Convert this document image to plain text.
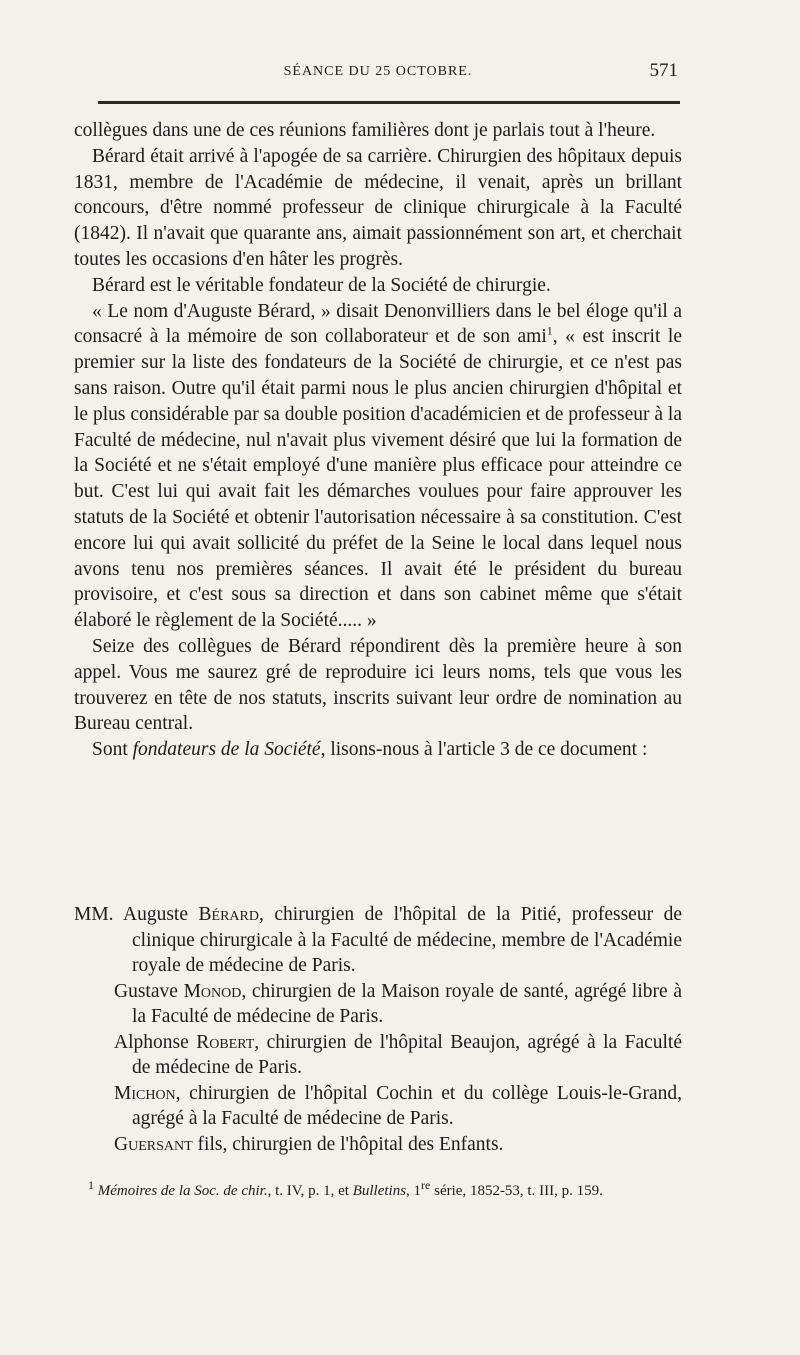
SÉANCE DU 25 OCTOBRE.	571

collègues dans une de ces réunions familières dont je parlais tout à l'heure.

Bérard était arrivé à l'apogée de sa carrière. Chirurgien des hôpitaux depuis 1831, membre de l'Académie de médecine, il venait, après un brillant concours, d'être nommé professeur de clinique chirurgicale à la Faculté (1842). Il n'avait que quarante ans, aimait passionnément son art, et cherchait toutes les occasions d'en hâter les progrès.

Bérard est le véritable fondateur de la Société de chirurgie.

« Le nom d'Auguste Bérard, » disait Denonvilliers dans le bel éloge qu'il a consacré à la mémoire de son collaborateur et de son ami$^1$, « est inscrit le premier sur la liste des fondateurs de la Société de chirurgie, et ce n'est pas sans raison. Outre qu'il était parmi nous le plus ancien chirurgien d'hôpital et le plus considérable par sa double position d'académicien et de professeur à la Faculté de médecine, nul n'avait plus vivement désiré que lui la formation de la Société et ne s'était employé d'une manière plus efficace pour atteindre ce but. C'est lui qui avait fait les démarches voulues pour faire approuver les statuts de la Société et obtenir l'autorisation nécessaire à sa constitution. C'est encore lui qui avait sollicité du préfet de la Seine le local dans lequel nous avons tenu nos premières séances. Il avait été le président du bureau provisoire, et c'est sous sa direction et dans son cabinet même que s'était élaboré le règlement de la Société..... »

Seize des collègues de Bérard répondirent dès la première heure à son appel. Vous me saurez gré de reproduire ici leurs noms, tels que vous les trouverez en tête de nos statuts, inscrits suivant leur ordre de nomination au Bureau central.

Sont fondateurs de la Société, lisons-nous à l'article 3 de ce document :

MM. Auguste Bérard, chirurgien de l'hôpital de la Pitié, professeur de clinique chirurgicale à la Faculté de médecine, membre de l'Académie royale de médecine de Paris.
Gustave Monod, chirurgien de la Maison royale de santé, agrégé libre à la Faculté de médecine de Paris.
Alphonse Robert, chirurgien de l'hôpital Beaujon, agrégé à la Faculté de médecine de Paris.
Michon, chirurgien de l'hôpital Cochin et du collège Louis-le-Grand, agrégé à la Faculté de médecine de Paris.
Guersant fils, chirurgien de l'hôpital des Enfants.

$^1$ Mémoires de la Soc. de chir., t. IV, p. 1, et Bulletins, 1re série, 1852-53, t. III, p. 159.
